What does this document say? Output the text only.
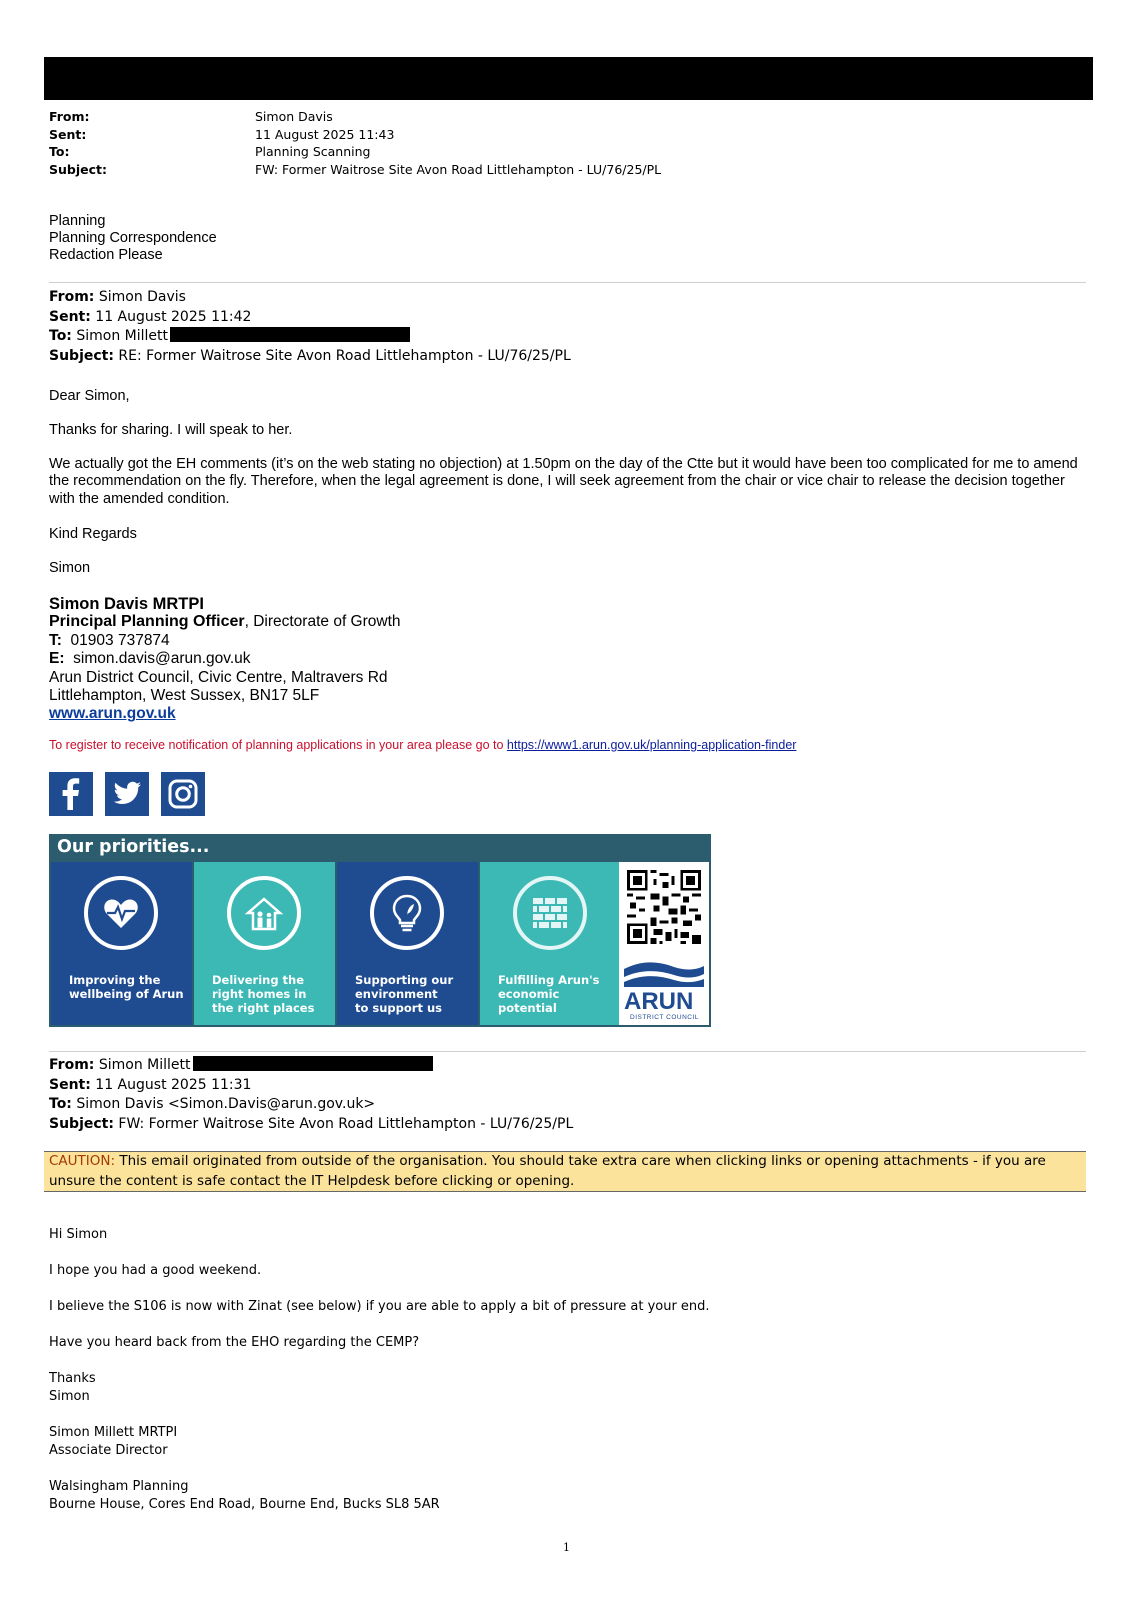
From:	Simon Davis
Sent:	11 August 2025 11:43
To:	Planning Scanning
Subject:	FW: Former Waitrose Site Avon Road Littlehampton - LU/76/25/PL
Planning
Planning Correspondence
Redaction Please
From: Simon Davis
Sent: 11 August 2025 11:42
To: Simon Millett
Subject: RE: Former Waitrose Site Avon Road Littlehampton - LU/76/25/PL
Dear Simon,
Thanks for sharing. I will speak to her.
We actually got the EH comments (it’s on the web stating no objection) at 1.50pm on the day of the Ctte but it would have been too complicated for me to amend the recommendation on the fly. Therefore, when the legal agreement is done, I will seek agreement from the chair or vice chair to release the decision together with the amended condition.
Kind Regards
Simon
Simon Davis MRTPI
Principal Planning Officer, Directorate of Growth
T: 01903 737874
E: simon.davis@arun.gov.uk
Arun District Council, Civic Centre, Maltravers Rd
Littlehampton, West Sussex, BN17 5LF
www.arun.gov.uk
To register to receive notification of planning applications in your area please go to https://www1.arun.gov.uk/planning-application-finder
Our priorities...
Improving the
wellbeing of Arun
Delivering the
right homes in
the right places
Supporting our
environment
to support us
Fulfilling Arun's
economic potential	ARUN
DISTRICT COUNCIL
From: Simon Millett
Sent: 11 August 2025 11:31
To: Simon Davis <Simon.Davis@arun.gov.uk>
Subject: FW: Former Waitrose Site Avon Road Littlehampton - LU/76/25/PL
CAUTION: This email originated from outside of the organisation. You should take extra care when clicking links or opening attachments - if you are unsure the content is safe contact the IT Helpdesk before clicking or opening.
Hi Simon
I hope you had a good weekend.
I believe the S106 is now with Zinat (see below) if you are able to apply a bit of pressure at your end.
Have you heard back from the EHO regarding the CEMP?
Thanks
Simon
Simon Millett MRTPI
Associate Director
Walsingham Planning
Bourne House, Cores End Road, Bourne End, Bucks SL8 5AR
1
